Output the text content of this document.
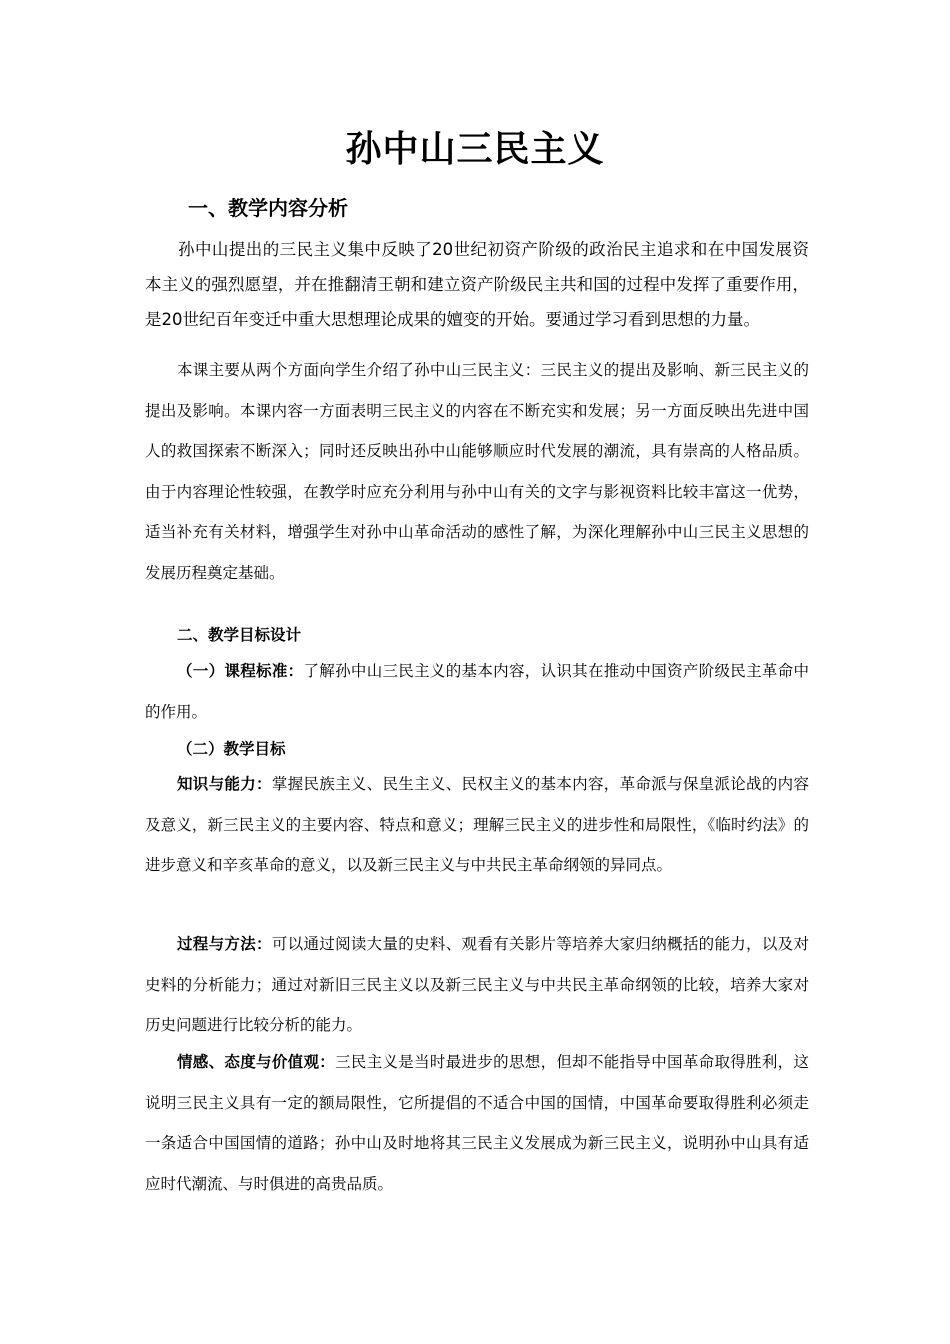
孙中山三民主义
一、教学内容分析

孙中山提出的三民主义集中反映了20世纪初资产阶级的政治民主追求和在中国发展资本主义的强烈愿望，并在推翻清王朝和建立资产阶级民主共和国的过程中发挥了重要作用，是20世纪百年变迁中重大思想理论成果的嬗变的开始。要通过学习看到思想的力量。

本课主要从两个方面向学生介绍了孙中山三民主义：三民主义的提出及影响、新三民主义的提出及影响。本课内容一方面表明三民主义的内容在不断充实和发展；另一方面反映出先进中国人的救国探索不断深入；同时还反映出孙中山能够顺应时代发展的潮流，具有崇高的人格品质。由于内容理论性较强，在教学时应充分利用与孙中山有关的文字与影视资料比较丰富这一优势，适当补充有关材料，增强学生对孙中山革命活动的感性了解，为深化理解孙中山三民主义思想的发展历程奠定基础。

二、教学目标设计

（一）课程标准：了解孙中山三民主义的基本内容，认识其在推动中国资产阶级民主革命中的作用。

（二）教学目标

知识与能力：掌握民族主义、民生主义、民权主义的基本内容，革命派与保皇派论战的内容及意义，新三民主义的主要内容、特点和意义；理解三民主义的进步性和局限性，《临时约法》的进步意义和辛亥革命的意义，以及新三民主义与中共民主革命纲领的异同点。

过程与方法：可以通过阅读大量的史料、观看有关影片等培养大家归纳概括的能力，以及对史料的分析能力；通过对新旧三民主义以及新三民主义与中共民主革命纲领的比较，培养大家对历史问题进行比较分析的能力。

情感、态度与价值观：三民主义是当时最进步的思想，但却不能指导中国革命取得胜利，这说明三民主义具有一定的额局限性，它所提倡的不适合中国的国情，中国革命要取得胜利必须走一条适合中国国情的道路；孙中山及时地将其三民主义发展成为新三民主义，说明孙中山具有适应时代潮流、与时俱进的高贵品质。
